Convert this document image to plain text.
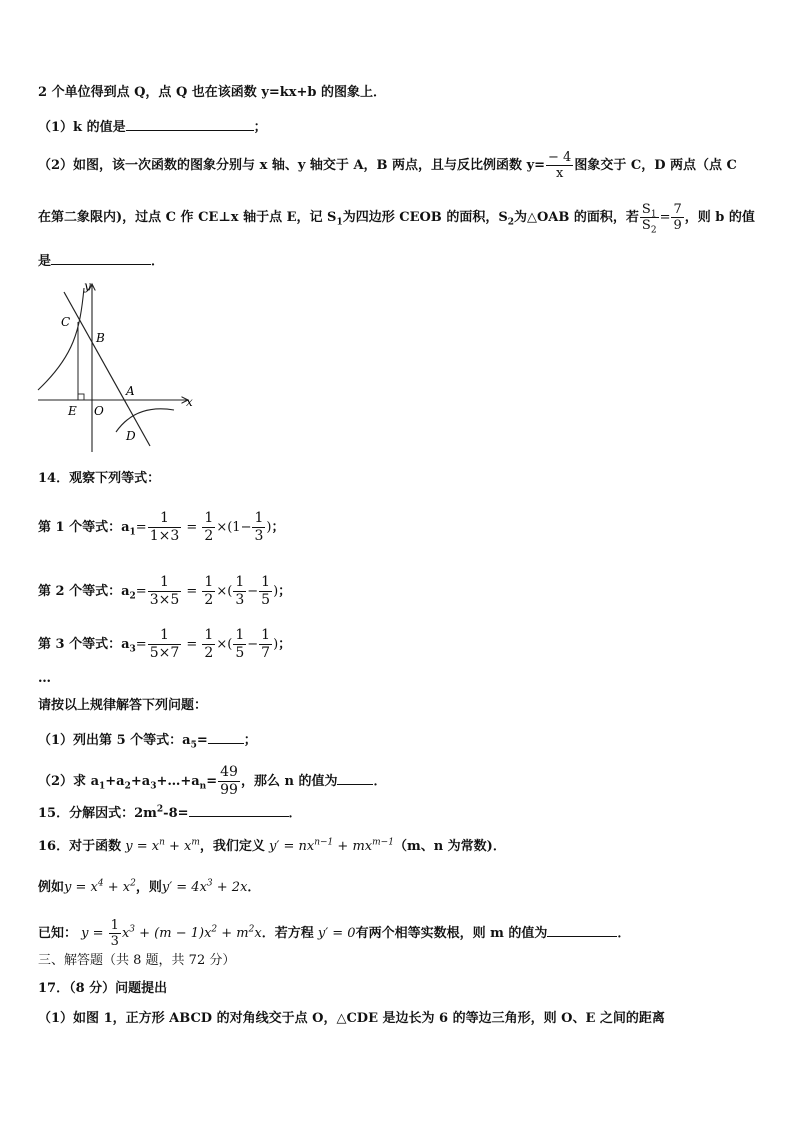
2 个单位得到点 Q，点 Q 也在该函数 y=kx+b 的图象上．
（1）k 的值是	；
（2）如图，该一次函数的图象分别与 x 轴、y 轴交于 A，B 两点，且与反比例函数 $y= \frac{- 4}{x}$ 图象交于 C，D 两点（点 C
在第二象限内)，过点 C 作 CE⊥x 轴于点 E，记 $S_1$为四边形 CEOB 的面积，$S_2$为△OAB 的面积，若 $\frac{S_1}{S_2} = \frac{7}{9}$ ，则 b 的值
是	．
y
x
C
B
A
E O
D
14．观察下列等式：
第 1 个等式：$a_1= \frac{1}{1\times 3} = \frac{1}{2} \times(1- \frac{1}{3}$ )；
第 2 个等式：$a_2= \frac{1}{3\times 5} = \frac{1}{2}$ ×( $\frac{1}{3} - \frac{1}{5}$ )；
第 3 个等式：$a_3= \frac{1}{5\times 7} = \frac{1}{2}$ ×( $\frac{1}{5} - \frac{1}{7}$ )；
…
请按以上规律解答下列问题：
（1）列出第 5 个等式：$a_5=$	；
（2）求 $a_1+a_2+a_3+\dots+a_n= \frac{49}{99}$ ，那么 n 的值为	．
15．分解因式：$2m^2-8=$	．
16．对于函数 $y = x^n + x^m$，我们定义 $y' = nx^{n-1} + mx^{m-1}(m$、n 为常数)．
例如$y = x^4 + x^2$，则$y' = 4x^3 + 2x$．
已知： $y = \frac{1}{3} x^3 + (m - 1)x^2 + m^2x$．若方程 y′ = 0有两个相等实数根，则 m 的值为	．
三、解答题（共 8 题，共 72 分）
17．（8 分）问题提出
（1）如图 1，正方形 ABCD 的对角线交于点 O，△CDE 是边长为 6 的等边三角形，则 O、E 之间的距离
